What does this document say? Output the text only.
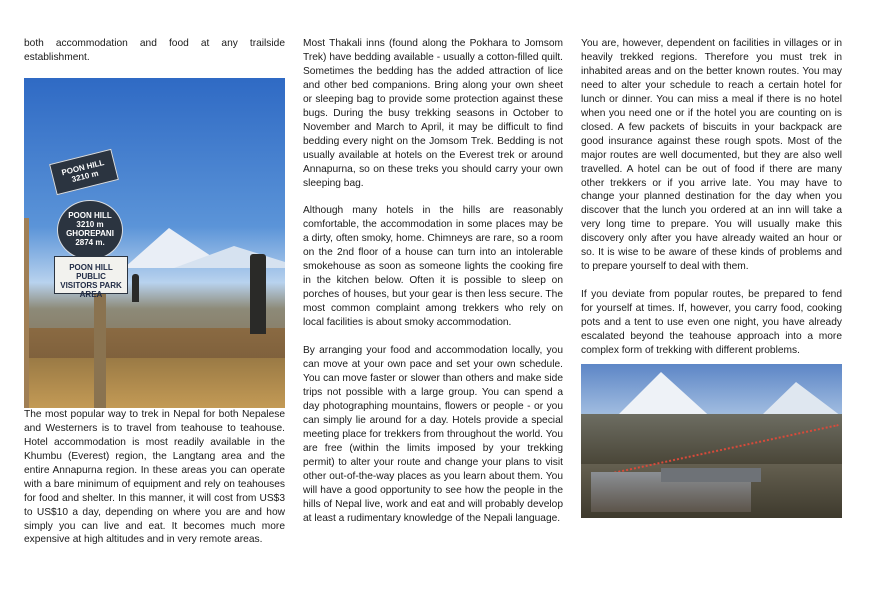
both accommodation and food at any trailside establishment.

POON HILL
3210 m
POON HILL
3210 m
GHOREPANI
2874 m.
POON HILL PUBLIC
VISITORS PARK
AREA

The most popular way to trek in Nepal for both Nepalese and Westerners is to travel from teahouse to teahouse. Hotel accommodation is most readily available in the Khumbu (Everest) region, the Langtang area and the entire Annapurna region. In these areas you can operate with a bare minimum of equipment and rely on teahouses for food and shelter. In this manner, it will cost from US$3 to US$10 a day, depending on where you are and how simply you can live and eat. It becomes much more expensive at high altitudes and in very remote areas.

Most Thakali inns (found along the Pokhara to Jomsom Trek) have bedding available - usually a cotton-filled quilt. Sometimes the bedding has the added attraction of lice and other bed companions. Bring along your own sheet or sleeping bag to provide some protection against these bugs. During the busy trekking seasons in October to November and March to April, it may be difficult to find bedding every night on the Jomsom Trek. Bedding is not usually available at hotels on the Everest trek or around Annapurna, so on these treks you should carry your own sleeping bag.

Although many hotels in the hills are reasonably comfortable, the accommodation in some places may be a dirty, often smoky, home. Chimneys are rare, so a room on the 2nd floor of a house can turn into an intolerable smokehouse as soon as someone lights the cooking fire in the kitchen below. Often it is possible to sleep on porches of houses, but your gear is then less secure. The most common complaint among trekkers who rely on local facilities is about smoky accommodation.

By arranging your food and accommodation locally, you can move at your own pace and set your own schedule. You can move faster or slower than others and make side trips not possible with a large group. You can spend a day photographing mountains, flowers or people - or you can simply lie around for a day. Hotels provide a special meeting place for trekkers from throughout the world. You are free (within the limits imposed by your trekking permit) to alter your route and change your plans to visit other out-of-the-way places as you learn about them. You will have a good opportunity to see how the people in the hills of Nepal live, work and eat and will probably develop at least a rudimentary knowledge of the Nepali language.

You are, however, dependent on facilities in villages or in heavily trekked regions. Therefore you must trek in inhabited areas and on the better known routes. You may need to alter your schedule to reach a certain hotel for lunch or dinner. You can miss a meal if there is no hotel when you need one or if the hotel you are counting on is closed. A few packets of biscuits in your backpack are good insurance against these rough spots. Most of the major routes are well documented, but they are also well travelled. A hotel can be out of food if there are many other trekkers or if you arrive late. You may have to change your planned destination for the day when you discover that the lunch you ordered at an inn will take a very long time to prepare. You will usually make this discovery only after you have already waited an hour or so. It is wise to be aware of these kinds of problems and to prepare yourself to deal with them.

If you deviate from popular routes, be prepared to fend for yourself at times. If, however, you carry food, cooking pots and a tent to use even one night, you have already escalated beyond the teahouse approach into a more complex form of trekking with different problems.
